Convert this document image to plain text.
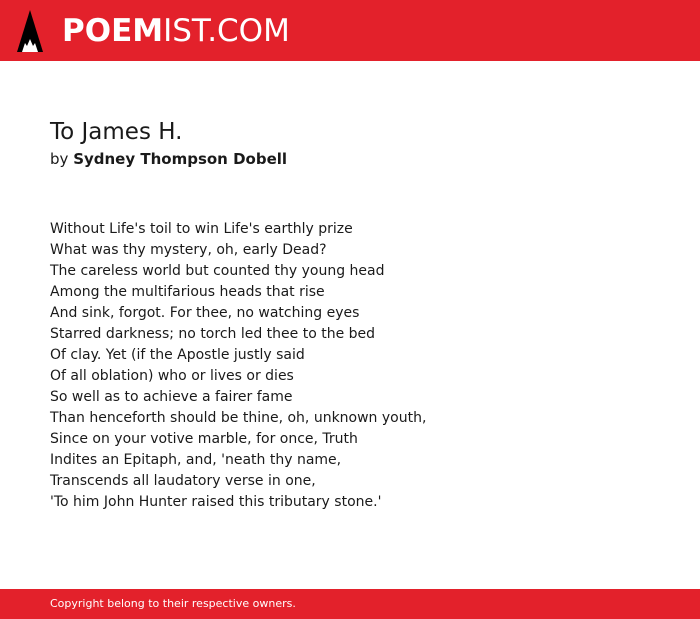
POEMIST.COM
To James H.
by Sydney Thompson Dobell
Without Life's toil to win Life's earthly prize
What was thy mystery, oh, early Dead?
The careless world but counted thy young head
Among the multifarious heads that rise
And sink, forgot. For thee, no watching eyes
Starred darkness; no torch led thee to the bed
Of clay. Yet (if the Apostle justly said
Of all oblation) who or lives or dies
So well as to achieve a fairer fame
Than henceforth should be thine, oh, unknown youth,
Since on your votive marble, for once, Truth
Indites an Epitaph, and, 'neath thy name,
Transcends all laudatory verse in one,
'To him John Hunter raised this tributary stone.'
Copyright belong to their respective owners.
